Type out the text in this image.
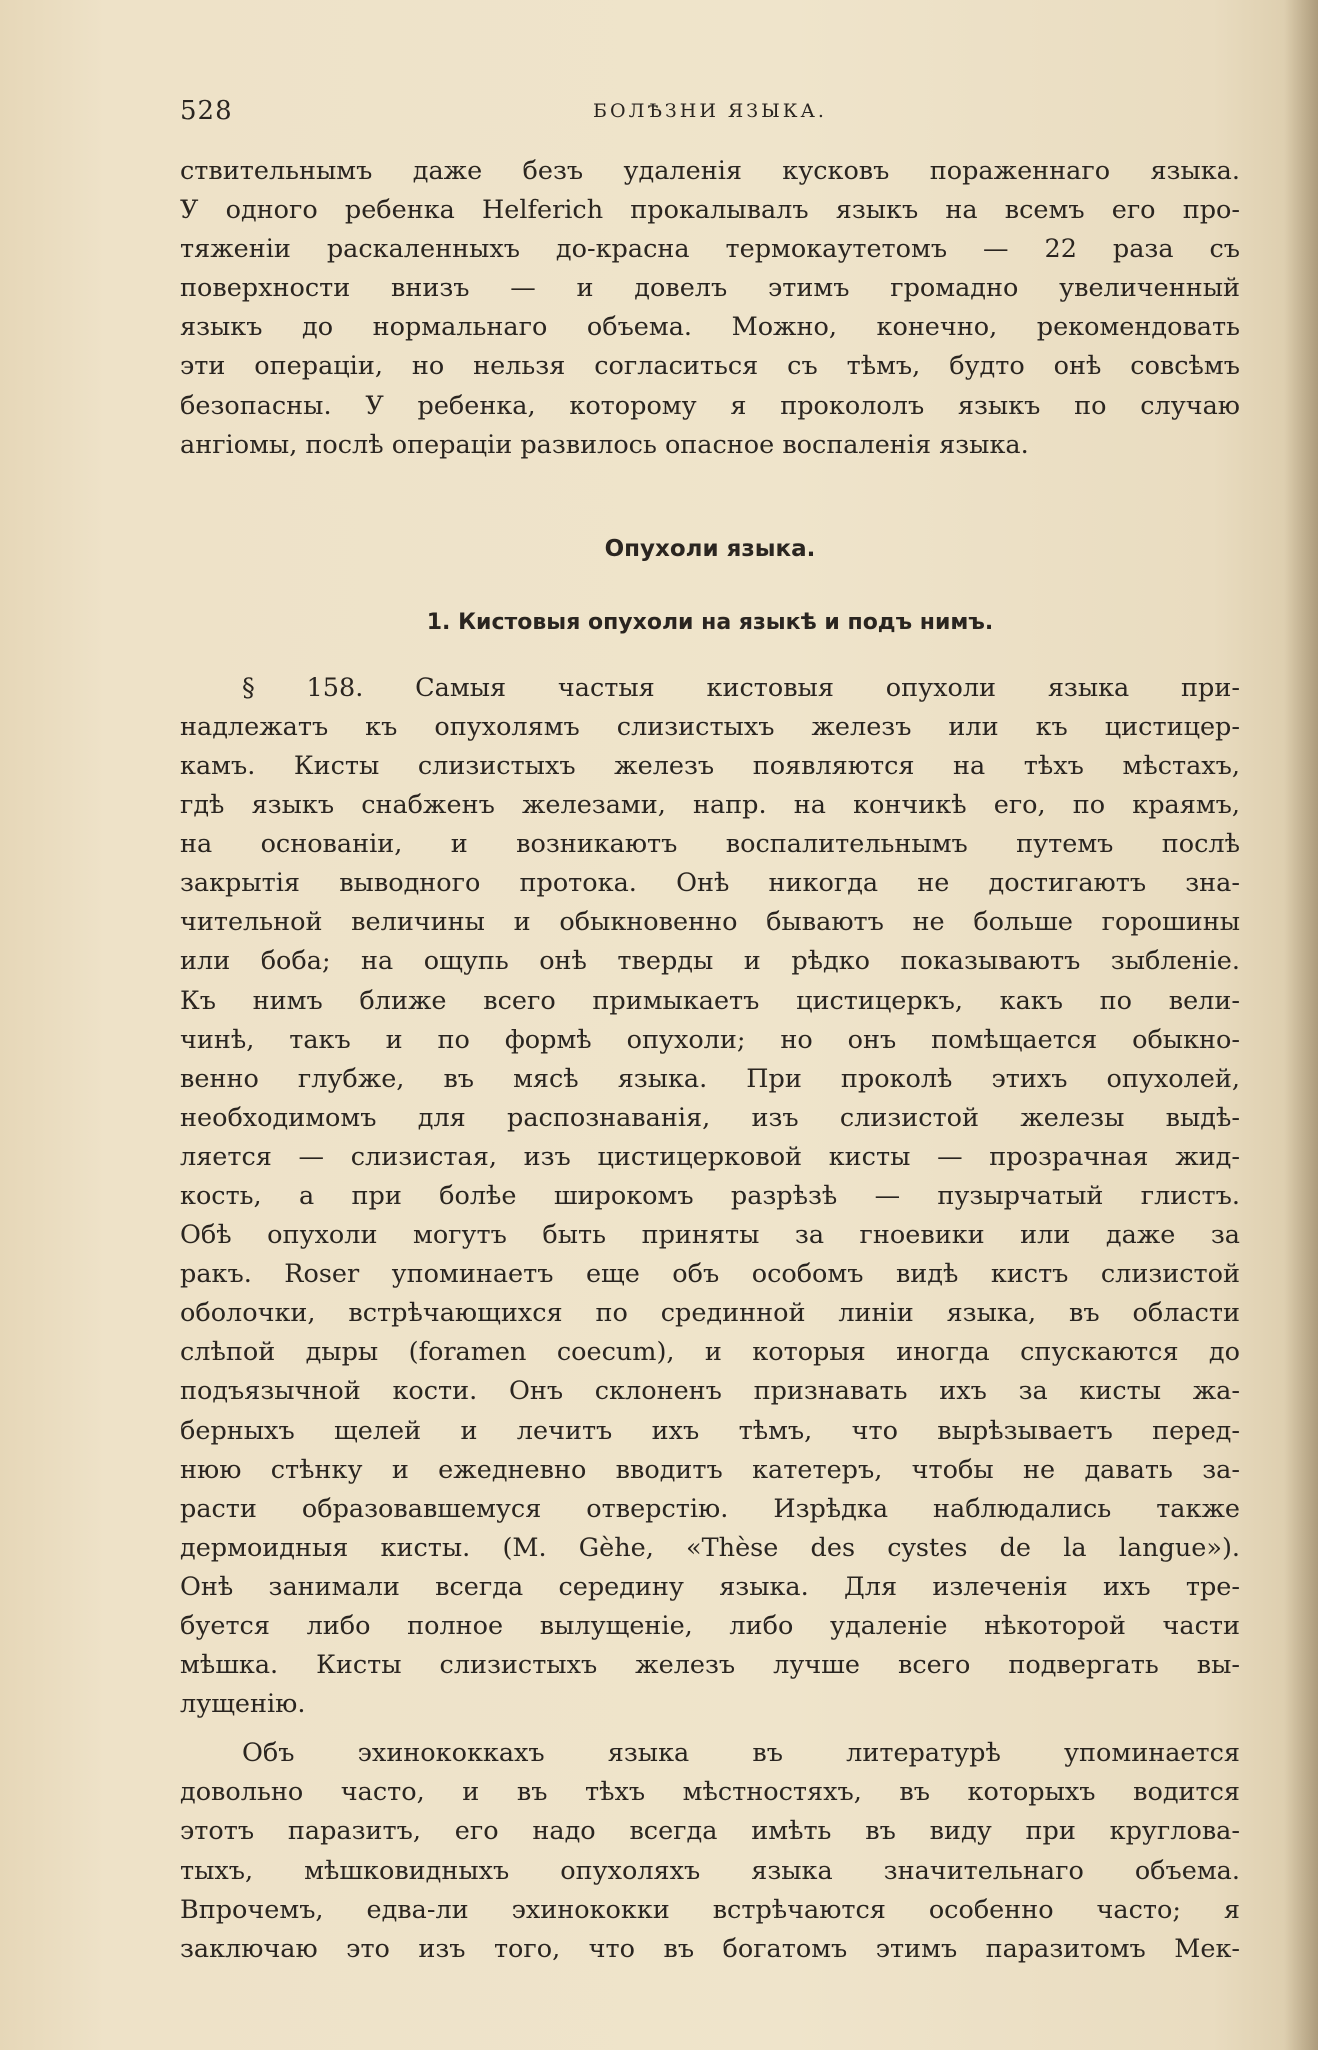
528	БОЛѢЗНИ ЯЗЫКА.
ствительнымъ даже безъ удаленія кусковъ пораженнаго языка.
У одного ребенка Helferich прокалывалъ языкъ на всемъ его про-
тяженіи раскаленныхъ до-красна термокаутетомъ — 22 раза съ
поверхности внизъ — и довелъ этимъ громадно увеличенный
языкъ до нормальнаго объема. Можно, конечно, рекомендовать
эти операціи, но нельзя согласиться съ тѣмъ, будто онѣ совсѣмъ
безопасны. У ребенка, которому я прокололъ языкъ по случаю
ангіомы, послѣ операціи развилось опасное воспаленія языка.
Опухоли языка.
1. Кистовыя опухоли на языкѣ и подъ нимъ.
§ 158. Самыя частыя кистовыя опухоли языка при-
надлежатъ къ опухолямъ слизистыхъ железъ или къ цистицер-
камъ. Кисты слизистыхъ железъ появляются на тѣхъ мѣстахъ,
гдѣ языкъ снабженъ железами, напр. на кончикѣ его, по краямъ,
на основаніи, и возникаютъ воспалительнымъ путемъ послѣ
закрытія выводного протока. Онѣ никогда не достигаютъ зна-
чительной величины и обыкновенно бываютъ не больше горошины
или боба; на ощупь онѣ тверды и рѣдко показываютъ зыбленіе.
Къ нимъ ближе всего примыкаетъ цистицеркъ, какъ по вели-
чинѣ, такъ и по формѣ опухоли; но онъ помѣщается обыкно-
венно глубже, въ мясѣ языка. При проколѣ этихъ опухолей,
необходимомъ для распознаванія, изъ слизистой железы выдѣ-
ляется — слизистая, изъ цистицерковой кисты — прозрачная жид-
кость, а при болѣе широкомъ разрѣзѣ — пузырчатый глистъ.
Обѣ опухоли могутъ быть приняты за гноевики или даже за
ракъ. Roser упоминаетъ еще объ особомъ видѣ кистъ слизистой
оболочки, встрѣчающихся по срединной линіи языка, въ области
слѣпой дыры (foramen coecum), и которыя иногда спускаются до
подъязычной кости. Онъ склоненъ признавать ихъ за кисты жа-
берныхъ щелей и лечитъ ихъ тѣмъ, что вырѣзываетъ перед-
нюю стѣнку и ежедневно вводитъ катетеръ, чтобы не давать за-
расти образовавшемуся отверстію. Изрѣдка наблюдались также
дермоидныя кисты. (M. Gèhe, «Thèse des cystes de la langue»).
Онѣ занимали всегда середину языка. Для излеченія ихъ тре-
буется либо полное вылущеніе, либо удаленіе нѣкоторой части
мѣшка. Кисты слизистыхъ железъ лучше всего подвергать вы-
лущенію.
Объ эхинококкахъ языка въ литературѣ упоминается
довольно часто, и въ тѣхъ мѣстностяхъ, въ которыхъ водится
этотъ паразитъ, его надо всегда имѣть въ виду при круглова-
тыхъ, мѣшковидныхъ опухоляхъ языка значительнаго объема.
Впрочемъ, едва-ли эхинококки встрѣчаются особенно часто; я
заключаю это изъ того, что въ богатомъ этимъ паразитомъ Мек-
